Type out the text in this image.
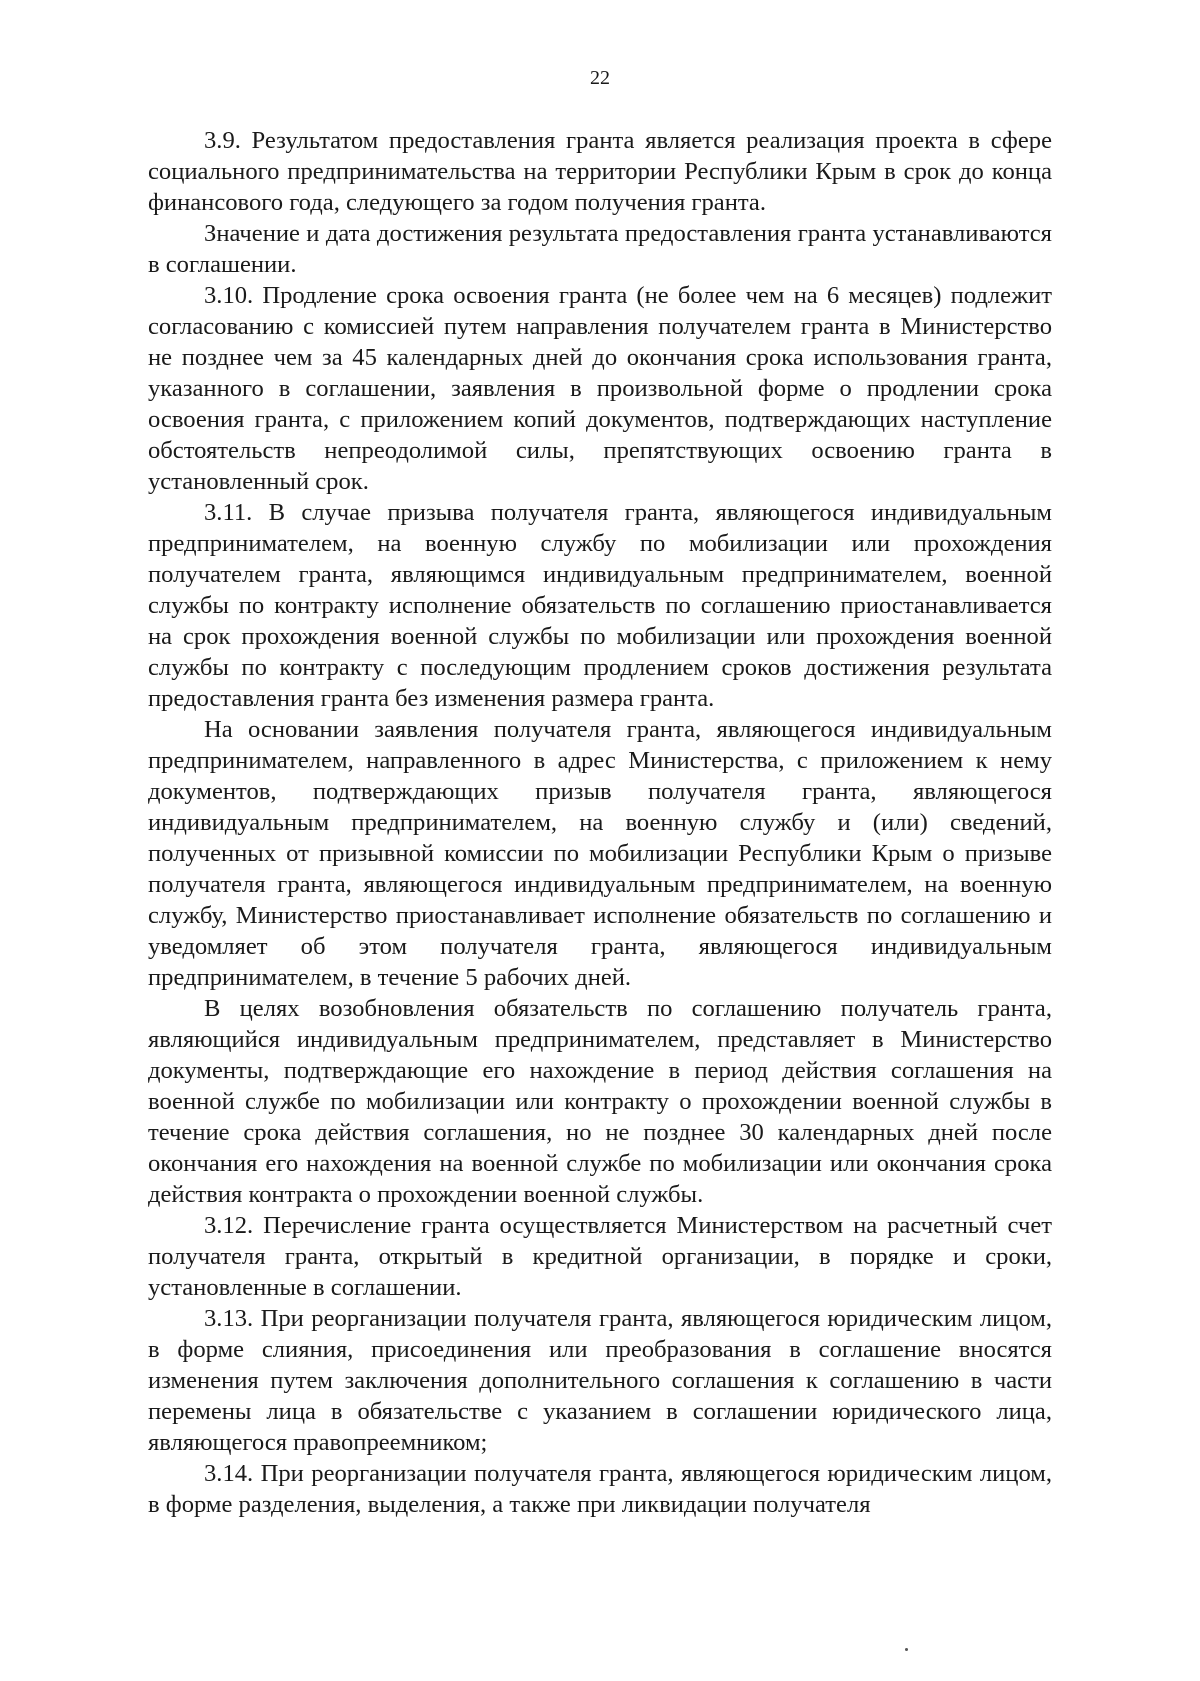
22

3.9. Результатом предоставления гранта является реализация проекта в сфере социального предпринимательства на территории Республики Крым в срок до конца финансового года, следующего за годом получения гранта.

Значение и дата достижения результата предоставления гранта устанавливаются в соглашении.

3.10. Продление срока освоения гранта (не более чем на 6 месяцев) подлежит согласованию с комиссией путем направления получателем гранта в Министерство не позднее чем за 45 календарных дней до окончания срока использования гранта, указанного в соглашении, заявления в произвольной форме о продлении срока освоения гранта, с приложением копий документов, подтверждающих наступление обстоятельств непреодолимой силы, препятствующих освоению гранта в установленный срок.

3.11. В случае призыва получателя гранта, являющегося индивидуальным предпринимателем, на военную службу по мобилизации или прохождения получателем гранта, являющимся индивидуальным предпринимателем, военной службы по контракту исполнение обязательств по соглашению приостанавливается на срок прохождения военной службы по мобилизации или прохождения военной службы по контракту с последующим продлением сроков достижения результата предоставления гранта без изменения размера гранта.

На основании заявления получателя гранта, являющегося индивидуальным предпринимателем, направленного в адрес Министерства, с приложением к нему документов, подтверждающих призыв получателя гранта, являющегося индивидуальным предпринимателем, на военную службу и (или) сведений, полученных от призывной комиссии по мобилизации Республики Крым о призыве получателя гранта, являющегося индивидуальным предпринимателем, на военную службу, Министерство приостанавливает исполнение обязательств по соглашению и уведомляет об этом получателя гранта, являющегося индивидуальным предпринимателем, в течение 5 рабочих дней.

В целях возобновления обязательств по соглашению получатель гранта, являющийся индивидуальным предпринимателем, представляет в Министерство документы, подтверждающие его нахождение в период действия соглашения на военной службе по мобилизации или контракту о прохождении военной службы в течение срока действия соглашения, но не позднее 30 календарных дней после окончания его нахождения на военной службе по мобилизации или окончания срока действия контракта о прохождении военной службы.

3.12. Перечисление гранта осуществляется Министерством на расчетный счет получателя гранта, открытый в кредитной организации, в порядке и сроки, установленные в соглашении.

3.13. При реорганизации получателя гранта, являющегося юридическим лицом, в форме слияния, присоединения или преобразования в соглашение вносятся изменения путем заключения дополнительного соглашения к соглашению в части перемены лица в обязательстве с указанием в соглашении юридического лица, являющегося правопреемником;

3.14. При реорганизации получателя гранта, являющегося юридическим лицом, в форме разделения, выделения, а также при ликвидации получателя
